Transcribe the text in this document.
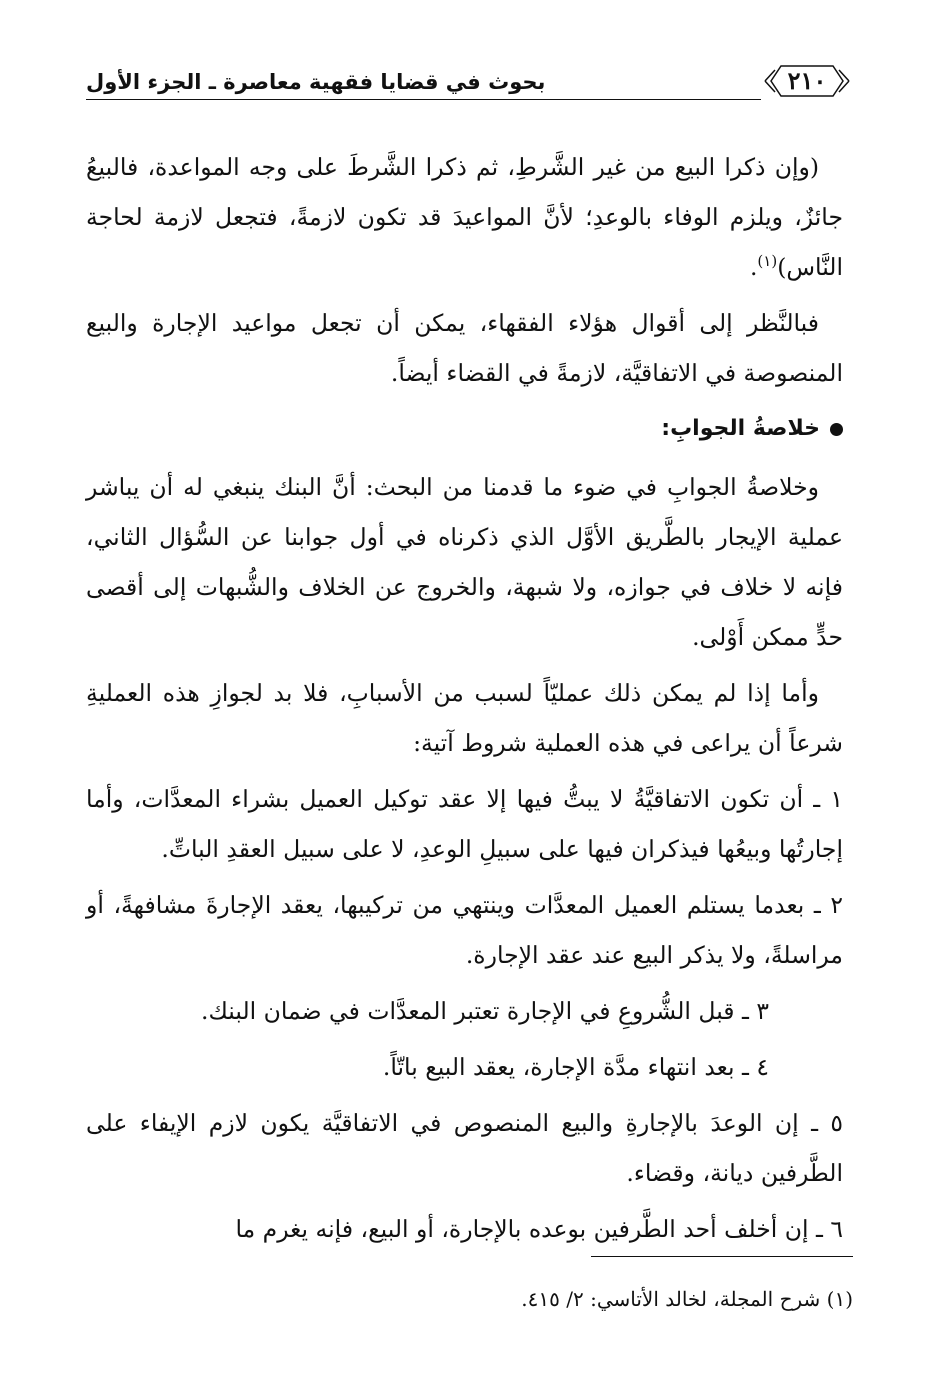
٢١٠
بحوث في قضايا فقهية معاصرة ـ الجزء الأول

(وإن ذكرا البيع من غير الشَّرطِ، ثم ذكرا الشَّرطَ على وجه المواعدة، فالبيعُ جائزٌ، ويلزم الوفاء بالوعدِ؛ لأنَّ المواعيدَ قد تكون لازمةً، فتجعل لازمة لحاجة النَّاس)$^{(١)}$.

فبالنَّظر إلى أقوال هؤلاء الفقهاء، يمكن أن تجعل مواعيد الإجارة والبيع المنصوصة في الاتفاقيَّة، لازمةً في القضاء أيضاً.

خلاصةُ الجوابِ:

وخلاصةُ الجوابِ في ضوء ما قدمنا من البحث: أنَّ البنك ينبغي له أن يباشر عملية الإيجار بالطَّريق الأوَّل الذي ذكرناه في أول جوابنا عن السُّؤال الثاني، فإنه لا خلاف في جوازه، ولا شبهة، والخروج عن الخلاف والشُّبهات إلى أقصى حدٍّ ممكن أَوْلى.

وأما إذا لم يمكن ذلك عمليّاً لسبب من الأسبابِ، فلا بد لجوازِ هذه العمليةِ شرعاً أن يراعى في هذه العملية شروط آتية:

١ ـ أن تكون الاتفاقيَّةُ لا يبتُّ فيها إلا عقد توكيل العميل بشراء المعدَّات، وأما إجارتُها وبيعُها فيذكران فيها على سبيلِ الوعدِ، لا على سبيل العقدِ الباتِّ.

٢ ـ بعدما يستلم العميل المعدَّات وينتهي من تركيبها، يعقد الإجارةَ مشافهةً، أو مراسلةً، ولا يذكر البيع عند عقد الإجارة.

٣ ـ قبل الشُّروعِ في الإجارة تعتبر المعدَّات في ضمان البنك.

٤ ـ بعد انتهاء مدَّة الإجارة، يعقد البيع باتّاً.

٥ ـ إن الوعدَ بالإجارةِ والبيع المنصوص في الاتفاقيَّة يكون لازم الإيفاء على الطَّرفين ديانة، وقضاء.

٦ ـ إن أخلف أحد الطَّرفين بوعده بالإجارة، أو البيع، فإنه يغرم ما

(١) شرح المجلة، لخالد الأتاسي: ٢/ ٤١٥.
